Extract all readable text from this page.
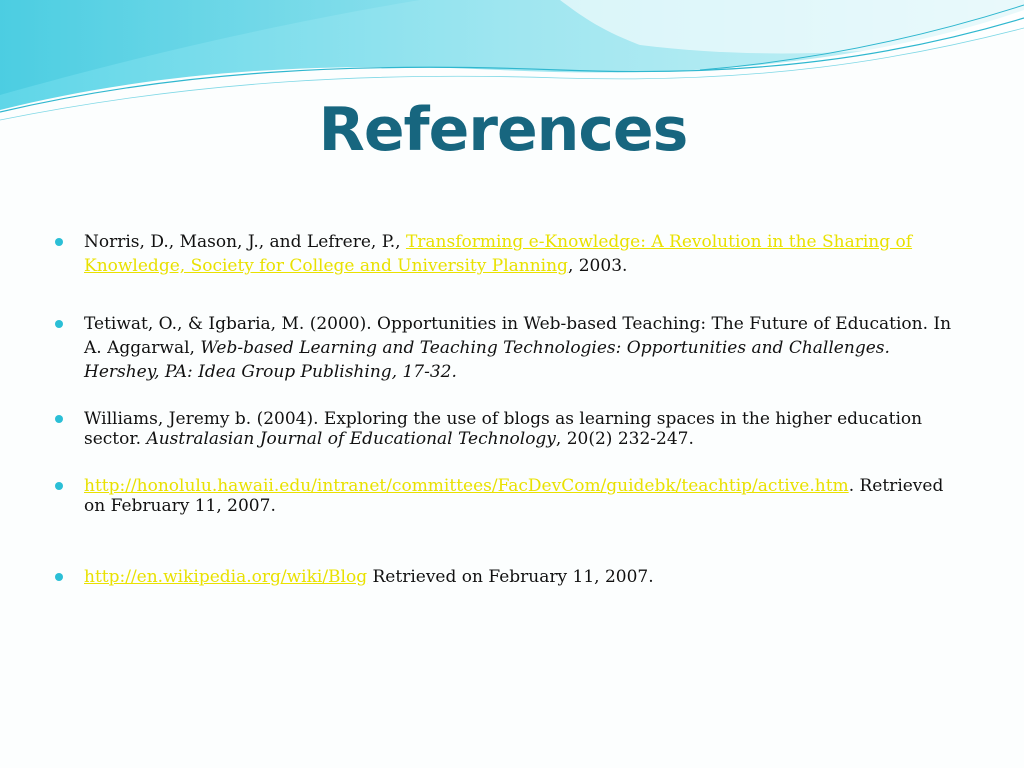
References
Norris, D., Mason, J., and Lefrere, P., Transforming e-Knowledge: A Revolution in the Sharing of Knowledge, Society for College and University Planning, 2003.
Tetiwat, O., & Igbaria, M. (2000). Opportunities in Web-based Teaching: The Future of Education. In A. Aggarwal, Web-based Learning and Teaching Technologies: Opportunities and Challenges. Hershey, PA: Idea Group Publishing, 17-32.
Williams, Jeremy b. (2004). Exploring the use of blogs as learning spaces in the higher education sector. Australasian Journal of Educational Technology, 20(2) 232-247.
http://honolulu.hawaii.edu/intranet/committees/FacDevCom/guidebk/teachtip/active.htm. Retrieved on February 11, 2007.
http://en.wikipedia.org/wiki/Blog Retrieved on February 11, 2007.
